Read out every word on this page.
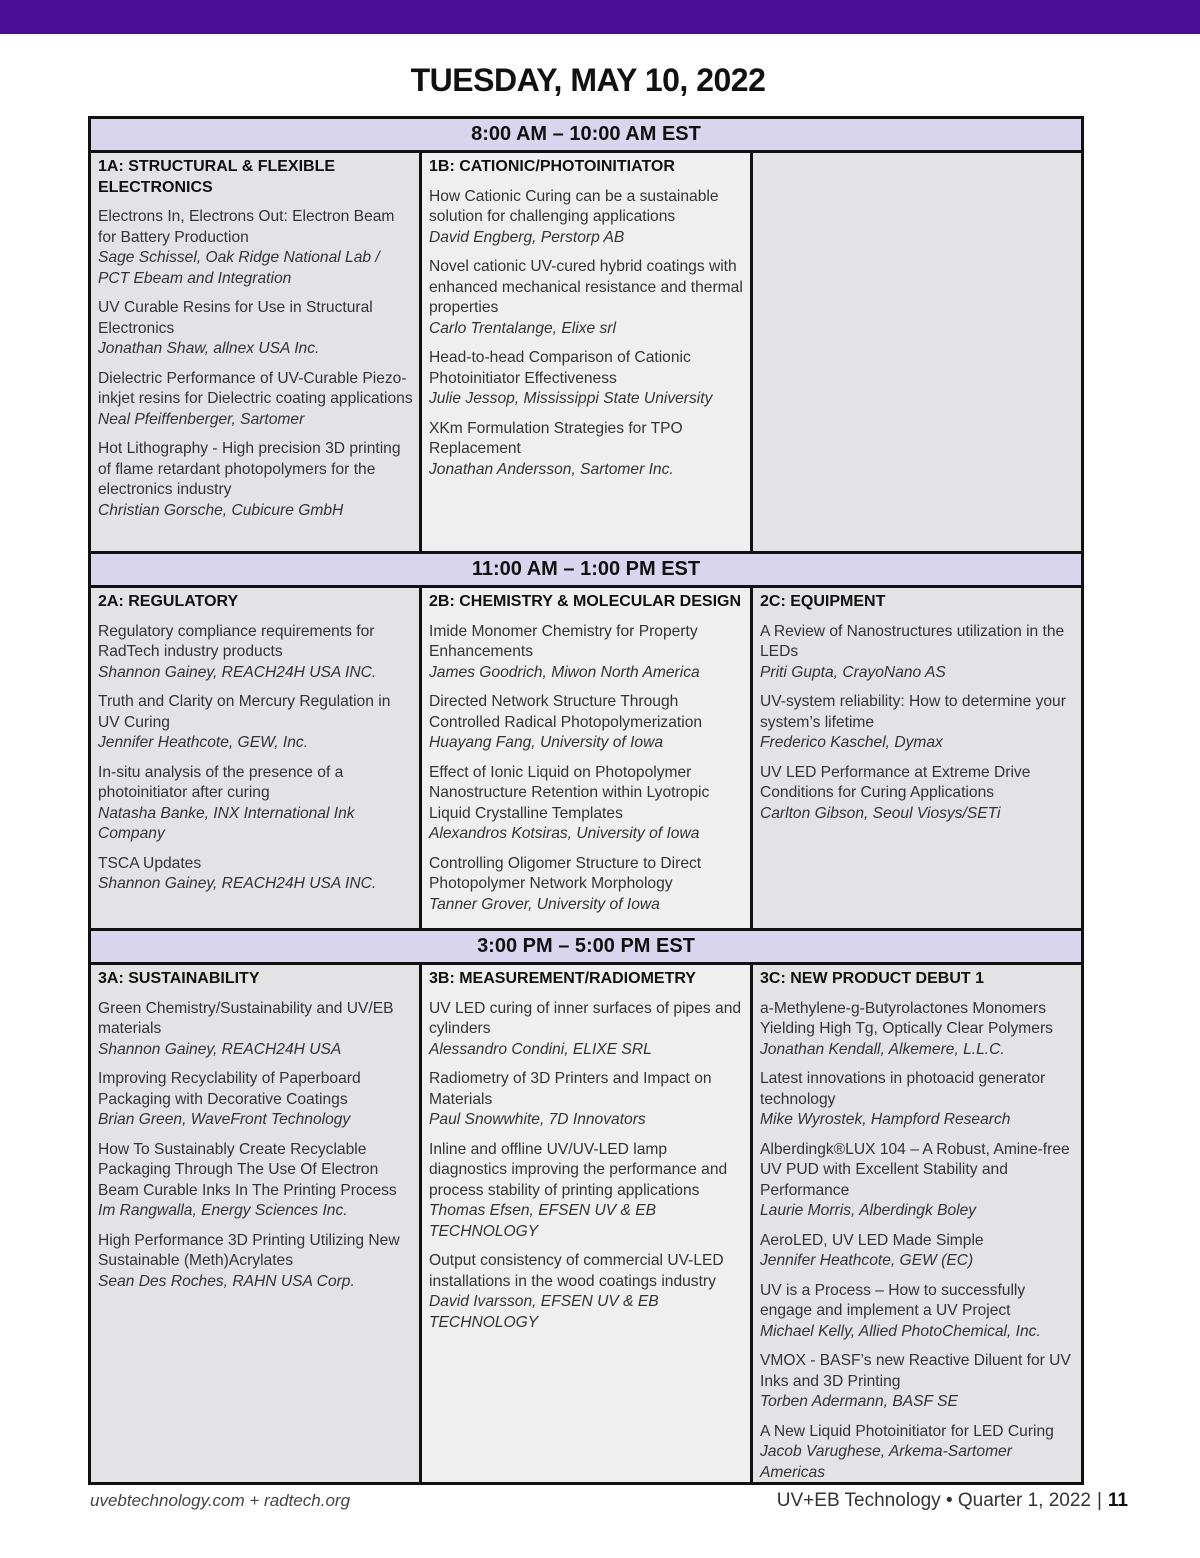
TUESDAY, MAY 10, 2022
8:00 AM – 10:00 AM EST
1A: STRUCTURAL & FLEXIBLE ELECTRONICS
Electrons In, Electrons Out: Electron Beam for Battery Production
Sage Schissel, Oak Ridge National Lab / PCT Ebeam and Integration
UV Curable Resins for Use in Structural Electronics
Jonathan Shaw, allnex USA Inc.
Dielectric Performance of UV-Curable Piezo-inkjet resins for Dielectric coating applications
Neal Pfeiffenberger, Sartomer
Hot Lithography - High precision 3D printing of flame retardant photopolymers for the electronics industry
Christian Gorsche, Cubicure GmbH
1B: CATIONIC/PHOTOINITIATOR
How Cationic Curing can be a sustainable solution for challenging applications
David Engberg, Perstorp AB
Novel cationic UV-cured hybrid coatings with enhanced mechanical resistance and thermal properties
Carlo Trentalange, Elixe srl
Head-to-head Comparison of Cationic Photoinitiator Effectiveness
Julie Jessop, Mississippi State University
XKm Formulation Strategies for TPO Replacement
Jonathan Andersson, Sartomer Inc.
11:00 AM – 1:00 PM EST
2A: REGULATORY
Regulatory compliance requirements for RadTech industry products
Shannon Gainey, REACH24H USA INC.
Truth and Clarity on Mercury Regulation in UV Curing
Jennifer Heathcote, GEW, Inc.
In-situ analysis of the presence of a photoinitiator after curing
Natasha Banke, INX International Ink Company
TSCA Updates
Shannon Gainey, REACH24H USA INC.
2B: CHEMISTRY & MOLECULAR DESIGN
Imide Monomer Chemistry for Property Enhancements
James Goodrich, Miwon North America
Directed Network Structure Through Controlled Radical Photopolymerization
Huayang Fang, University of Iowa
Effect of Ionic Liquid on Photopolymer Nanostructure Retention within Lyotropic Liquid Crystalline Templates
Alexandros Kotsiras, University of Iowa
Controlling Oligomer Structure to Direct Photopolymer Network Morphology
Tanner Grover, University of Iowa
2C: EQUIPMENT
A Review of Nanostructures utilization in the LEDs
Priti Gupta, CrayoNano AS
UV-system reliability: How to determine your system’s lifetime
Frederico Kaschel, Dymax
UV LED Performance at Extreme Drive Conditions for Curing Applications
Carlton Gibson, Seoul Viosys/SETi
3:00 PM – 5:00 PM EST
3A: SUSTAINABILITY
Green Chemistry/Sustainability and UV/EB materials
Shannon Gainey, REACH24H USA
Improving Recyclability of Paperboard Packaging with Decorative Coatings
Brian Green, WaveFront Technology
How To Sustainably Create Recyclable Packaging Through The Use Of Electron Beam Curable Inks In The Printing Process
Im Rangwalla, Energy Sciences Inc.
High Performance 3D Printing Utilizing New Sustainable (Meth)Acrylates
Sean Des Roches, RAHN USA Corp.
3B: MEASUREMENT/RADIOMETRY
UV LED curing of inner surfaces of pipes and cylinders
Alessandro Condini, ELIXE SRL
Radiometry of 3D Printers and Impact on Materials
Paul Snowwhite, 7D Innovators
Inline and offline UV/UV-LED lamp diagnostics improving the performance and process stability of printing applications
Thomas Efsen, EFSEN UV & EB TECHNOLOGY
Output consistency of commercial UV-LED installations in the wood coatings industry
David Ivarsson, EFSEN UV & EB TECHNOLOGY
3C: NEW PRODUCT DEBUT 1
a-Methylene-g-Butyrolactones Monomers Yielding High Tg, Optically Clear Polymers
Jonathan Kendall, Alkemere, L.L.C.
Latest innovations in photoacid generator technology
Mike Wyrostek, Hampford Research
Alberdingk®LUX 104 – A Robust, Amine-free UV PUD with Excellent Stability and Performance
Laurie Morris, Alberdingk Boley
AeroLED, UV LED Made Simple
Jennifer Heathcote, GEW (EC)
UV is a Process – How to successfully engage and implement a UV Project
Michael Kelly, Allied PhotoChemical, Inc.
VMOX - BASF’s new Reactive Diluent for UV Inks and 3D Printing
Torben Adermann, BASF SE
A New Liquid Photoinitiator for LED Curing
Jacob Varughese, Arkema-Sartomer Americas
uvebtechnology.com + radtech.org	UV+EB Technology • Quarter 1, 2022 | 11
